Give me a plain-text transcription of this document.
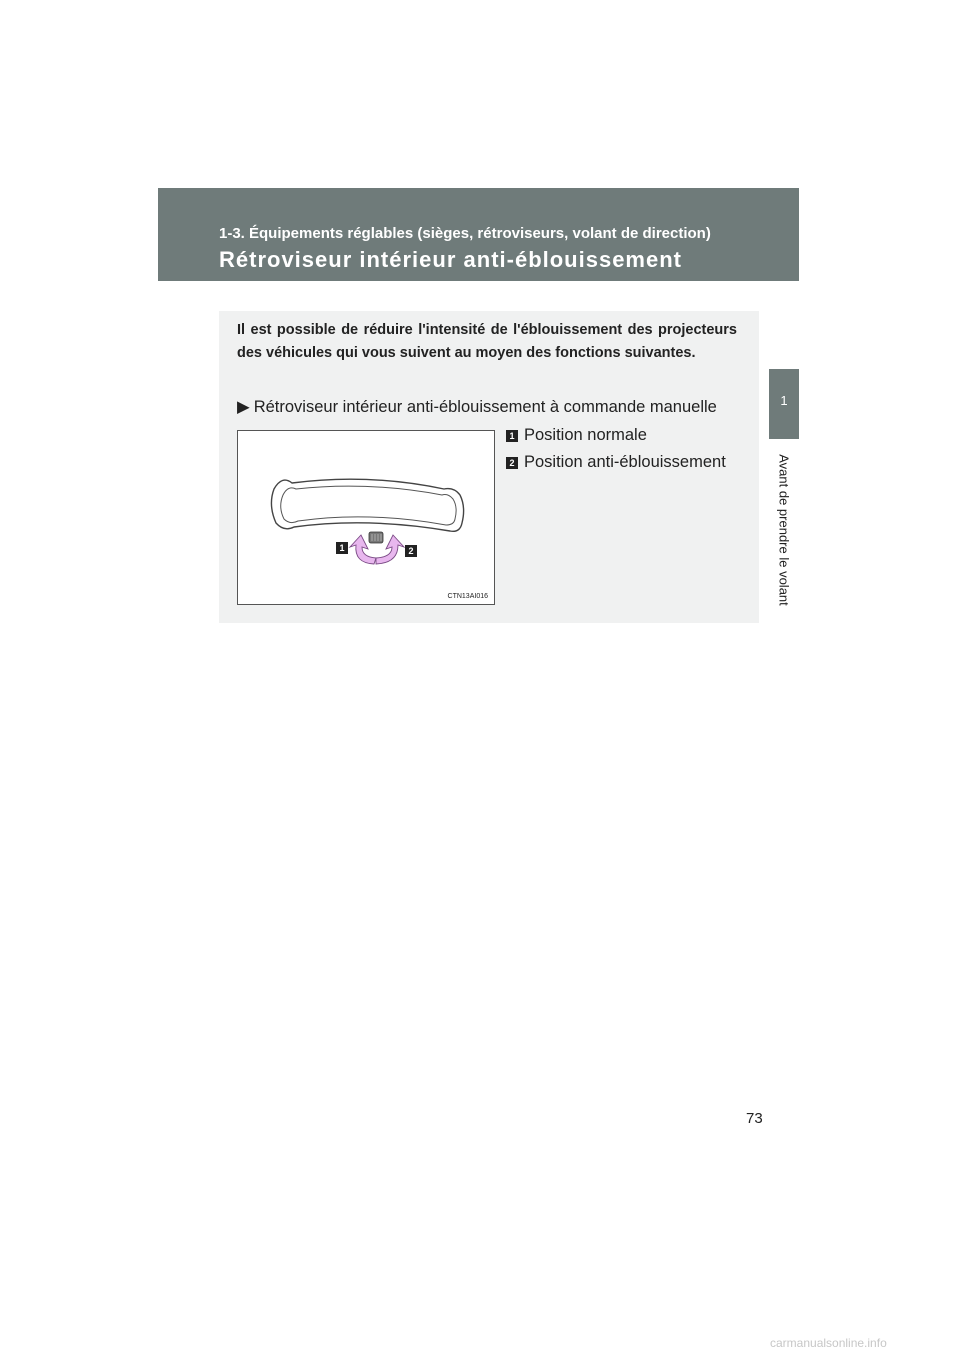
1-3. Équipements réglables (sièges, rétroviseurs, volant de direction)
Rétroviseur intérieur anti-éblouissement
1
Avant de prendre le volant

Il est possible de réduire l'intensité de l'éblouissement des projecteurs des véhicules qui vous suivent au moyen des fonctions suivantes.

▶ Rétroviseur intérieur anti-éblouissement à commande manuelle
1	2
CTN13AI016
1 Position normale
2 Position anti-éblouissement
73
carmanualsonline.info
